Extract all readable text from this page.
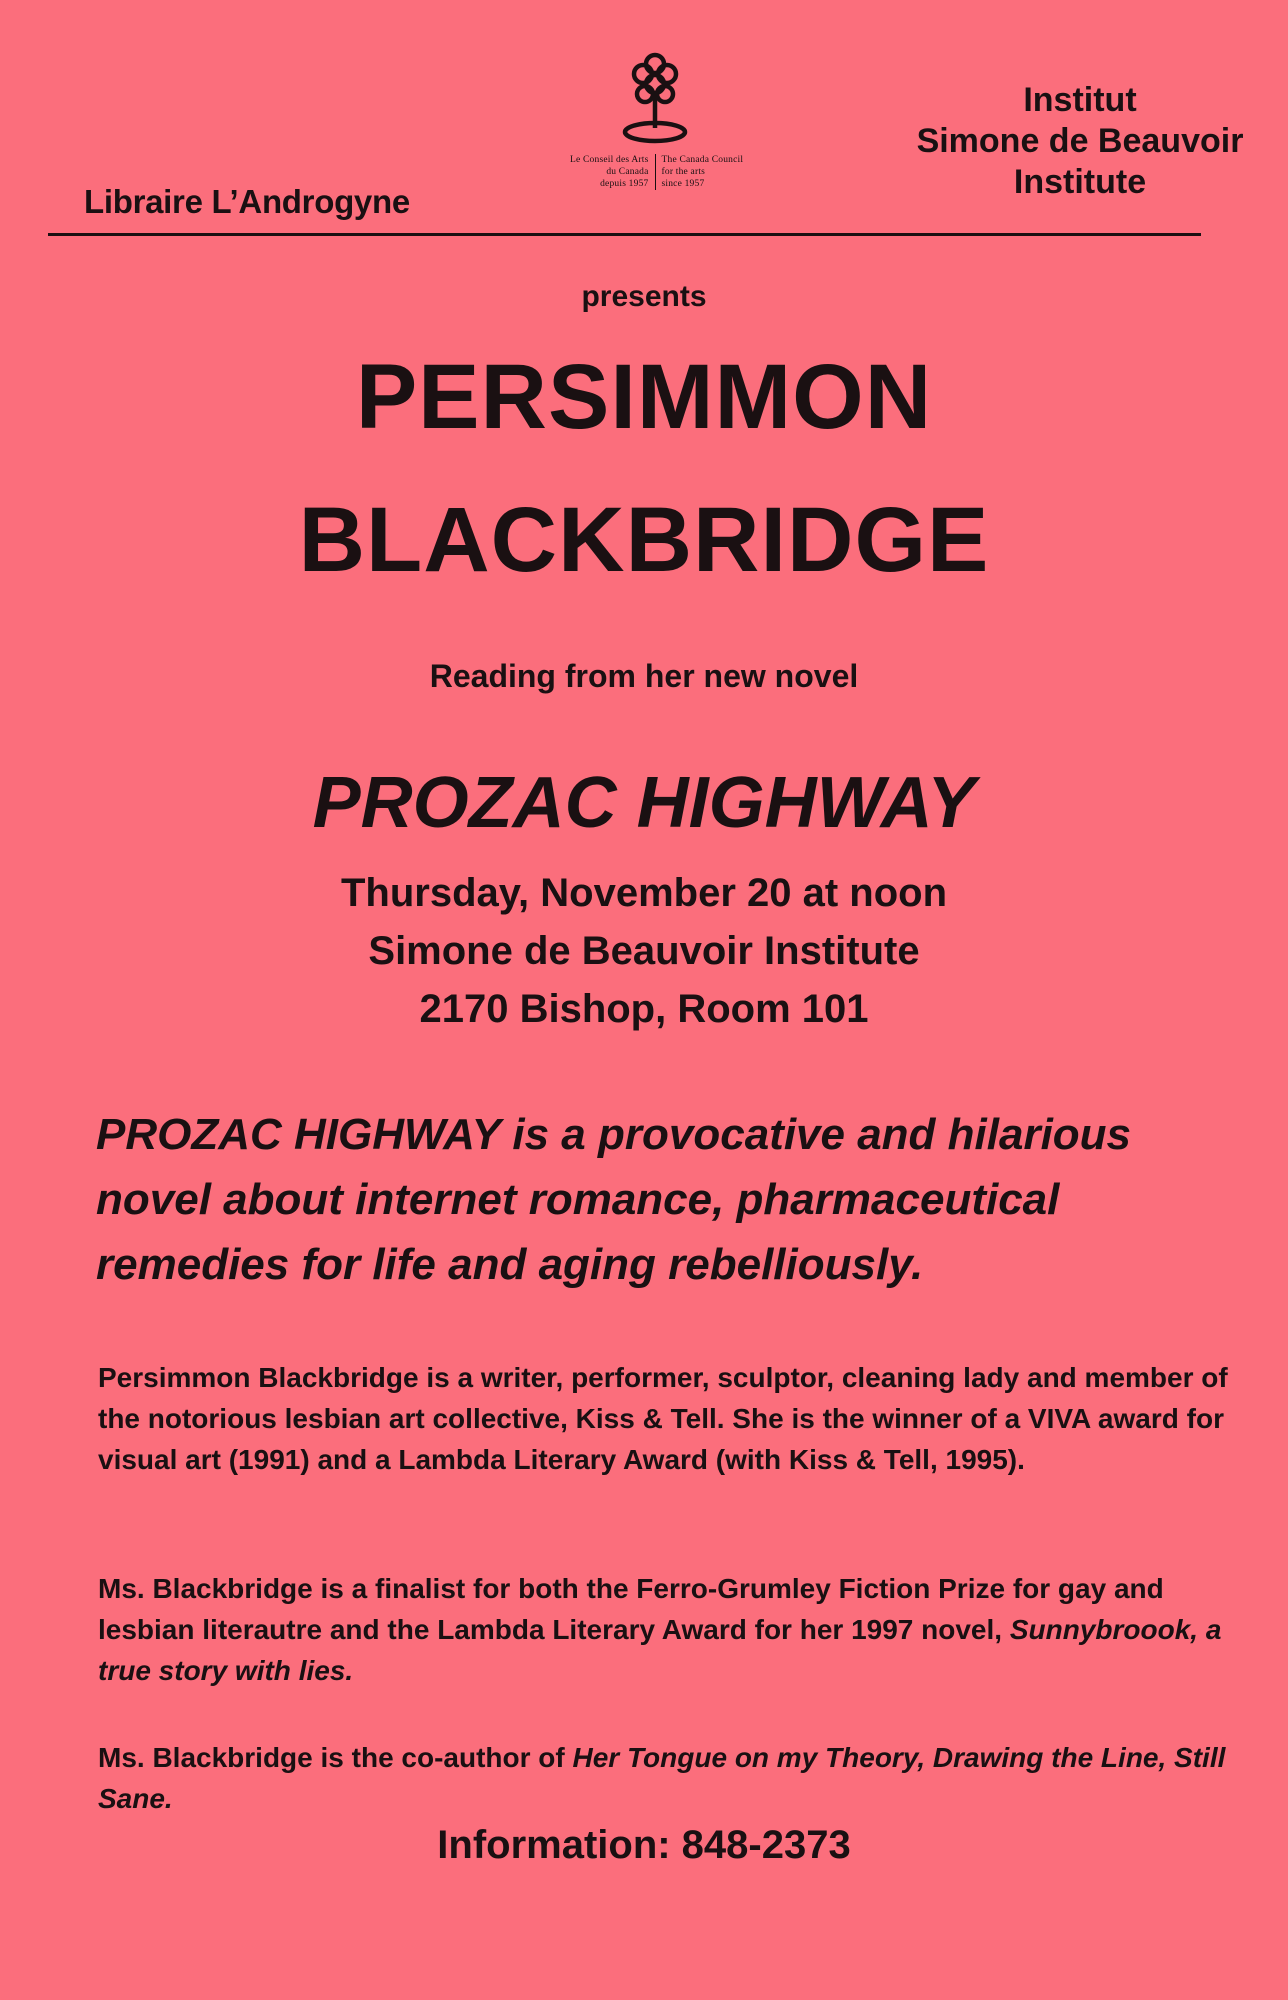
Libraire L’Androgyne
Le Conseil des Arts
du Canada
depuis 1957
The Canada Council
for the arts
since 1957
Institut
Simone de Beauvoir
Institute
presents
PERSIMMON
BLACKBRIDGE
Reading from her new novel
PROZAC HIGHWAY
Thursday, November 20 at noon
Simone de Beauvoir Institute
2170 Bishop, Room 101
PROZAC HIGHWAY is a provocative and hilarious novel about internet romance, pharmaceutical remedies for life and aging rebelliously.
Persimmon Blackbridge is a writer, performer, sculptor, cleaning lady and member of the notorious lesbian art collective, Kiss & Tell. She is the winner of a VIVA award for visual art (1991) and a Lambda Literary Award (with Kiss & Tell, 1995).
Ms. Blackbridge is a finalist for both the Ferro-Grumley Fiction Prize for gay and lesbian literautre and the Lambda Literary Award for her 1997 novel, Sunnybroook, a true story with lies.
Ms. Blackbridge is the co-author of Her Tongue on my Theory, Drawing the Line, Still Sane.
Information: 848-2373
